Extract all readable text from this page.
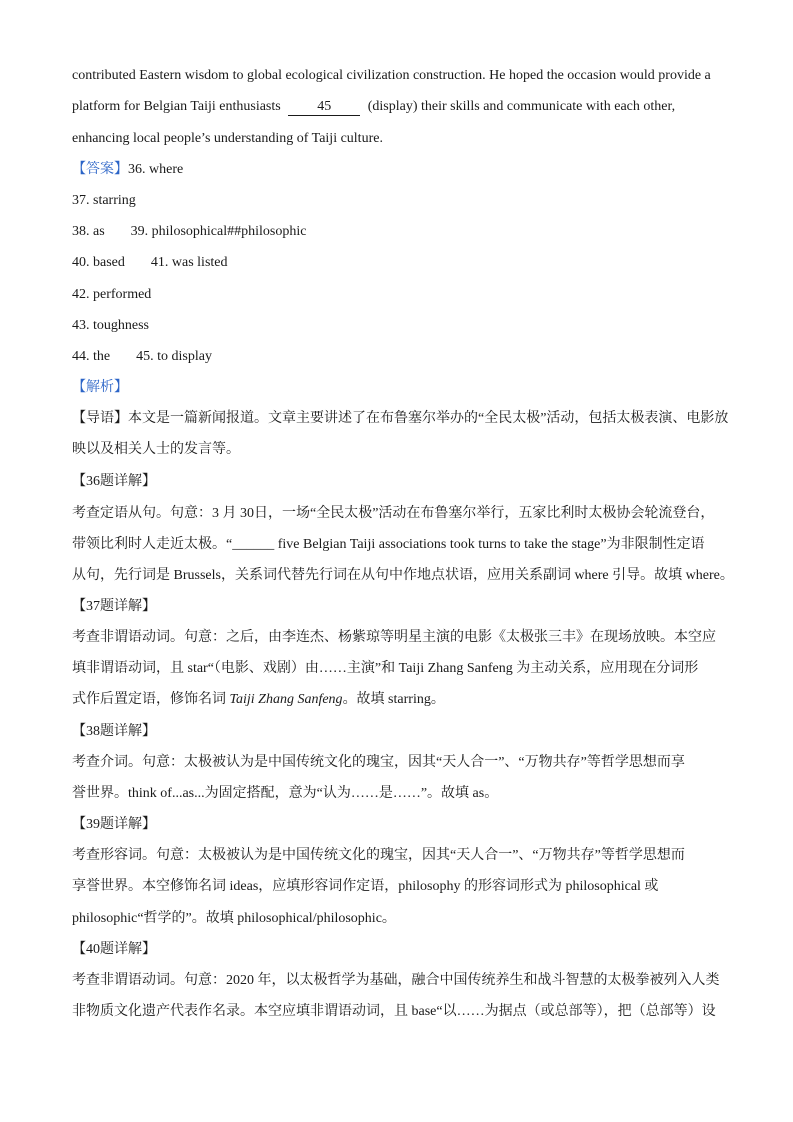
contributed Eastern wisdom to global ecological civilization construction. He hoped the occasion would provide a
platform for Belgian Taiji enthusiasts	45	(display) their skills and communicate with each other,
enhancing local people’s understanding of Taiji culture.
【答案】36. where
37. starring
38. as 39. philosophical##philosophic
40. based 41. was listed
42. performed
43. toughness
44. the 45. to display
【解析】
【导语】本文是一篇新闻报道。文章主要讲述了在布鲁塞尔举办的“全民太极”活动，包括太极表演、电影放
映以及相关人士的发言等。
【36题详解】
考查定语从句。句意：3 月 30日，一场“全民太极”活动在布鲁塞尔举行，五家比利时太极协会轮流登台，
带领比利时人走近太极。“______ five Belgian Taiji associations took turns to take the stage”为非限制性定语
从句，先行词是 Brussels，关系词代替先行词在从句中作地点状语，应用关系副词 where 引导。故填 where。
【37题详解】
考查非谓语动词。句意：之后，由李连杰、杨紫琼等明星主演的电影《太极张三丰》在现场放映。本空应
填非谓语动词，且 star“（电影、戏剧）由……主演”和 Taiji Zhang Sanfeng 为主动关系，应用现在分词形
式作后置定语，修饰名词 Taiji Zhang Sanfeng。故填 starring。
【38题详解】
考查介词。句意：太极被认为是中国传统文化的瑰宝，因其“天人合一”、“万物共存”等哲学思想而享
誉世界。think of...as...为固定搭配，意为“认为……是……”。故填 as。
【39题详解】
考查形容词。句意：太极被认为是中国传统文化的瑰宝，因其“天人合一”、“万物共存”等哲学思想而
享誉世界。本空修饰名词 ideas，应填形容词作定语，philosophy 的形容词形式为 philosophical 或
philosophic“哲学的”。故填 philosophical/philosophic。
【40题详解】
考查非谓语动词。句意：2020 年，以太极哲学为基础，融合中国传统养生和战斗智慧的太极拳被列入人类
非物质文化遗产代表作名录。本空应填非谓语动词，且 base“以……为据点（或总部等），把（总部等）设
